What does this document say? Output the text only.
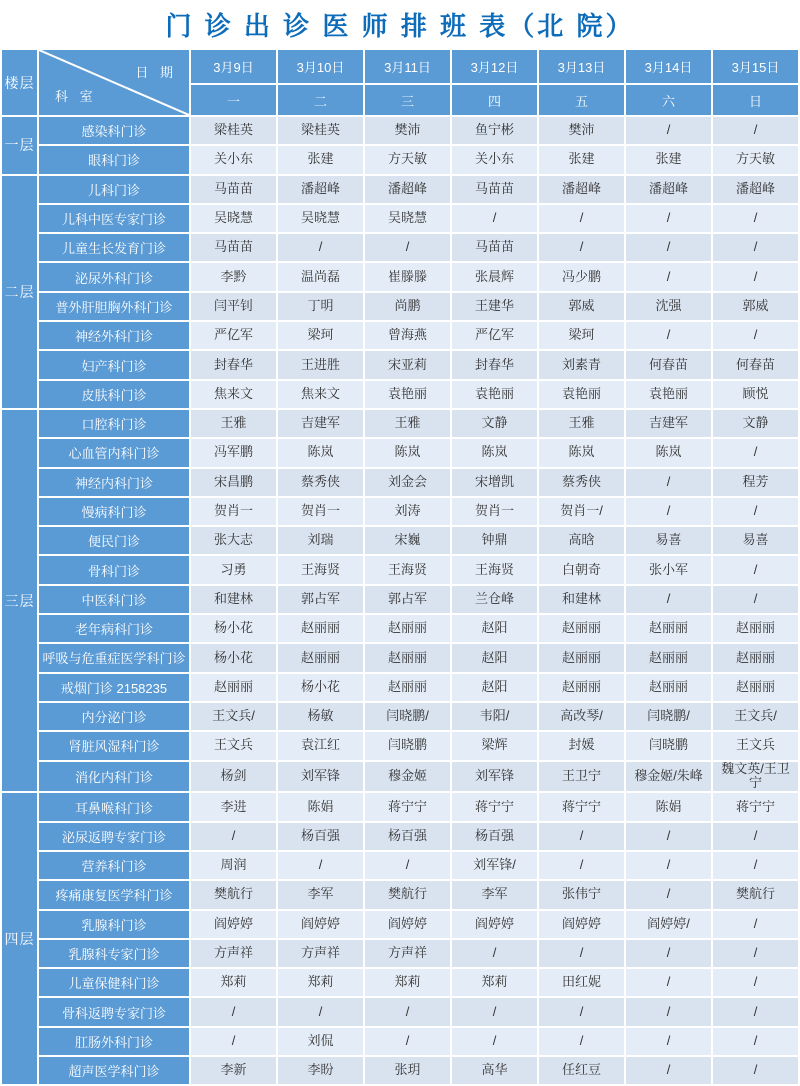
门 诊 出 诊 医 师 排 班 表（北 院）
楼层	科 室
日 期	3月9日	3月10日	3月11日	3月12日	3月13日	3月14日	3月15日
		一	二	三	四	五	六	日
一层	感染科门诊	梁桂英	梁桂英	樊沛	鱼宁彬	樊沛	/	/
	眼科门诊	关小东	张建	方天敏	关小东	张建	张建	方天敏
二层	儿科门诊	马苗苗	潘超峰	潘超峰	马苗苗	潘超峰	潘超峰	潘超峰
	儿科中医专家门诊	吴晓慧	吴晓慧	吴晓慧	/	/	/	/
	儿童生长发育门诊	马苗苗	/	/	马苗苗	/	/	/
	泌尿外科门诊	李黔	温尚磊	崔滕滕	张晨辉	冯少鹏	/	/
	普外肝胆胸外科门诊	闫平钊	丁明	尚鹏	王建华	郭威	沈强	郭威
	神经外科门诊	严亿军	梁珂	曾海燕	严亿军	梁珂	/	/
	妇产科门诊	封春华	王进胜	宋亚莉	封春华	刘素青	何春苗	何春苗
	皮肤科门诊	焦来文	焦来文	袁艳丽	袁艳丽	袁艳丽	袁艳丽	顾悦
三层	口腔科门诊	王雅	吉建军	王雅	文静	王雅	吉建军	文静
	心血管内科门诊	冯军鹏	陈岚	陈岚	陈岚	陈岚	陈岚	/
	神经内科门诊	宋昌鹏	蔡秀侠	刘金会	宋增凯	蔡秀侠	/	程芳
	慢病科门诊	贺肖一	贺肖一	刘涛	贺肖一	贺肖一/	/	/
	便民门诊	张大志	刘瑞	宋巍	钟鼎	高晗	易喜	易喜
	骨科门诊	习勇	王海贤	王海贤	王海贤	白朝奇	张小军	/
	中医科门诊	和建林	郭占军	郭占军	兰仓峰	和建林	/	/
	老年病科门诊	杨小花	赵丽丽	赵丽丽	赵阳	赵丽丽	赵丽丽	赵丽丽
	呼吸与危重症医学科门诊	杨小花	赵丽丽	赵丽丽	赵阳	赵丽丽	赵丽丽	赵丽丽
	戒烟门诊 2158235	赵丽丽	杨小花	赵丽丽	赵阳	赵丽丽	赵丽丽	赵丽丽
	内分泌门诊	王文兵/	杨敏	闫晓鹏/	韦阳/	高改琴/	闫晓鹏/	王文兵/
	肾脏风湿科门诊	王文兵	袁江红	闫晓鹏	梁辉	封媛	闫晓鹏	王文兵
	消化内科门诊	杨剑	刘军锋	穆金姬	刘军锋	王卫宁	穆金姬/朱峰	魏文英/王卫宁
四层	耳鼻喉科门诊	李进	陈娟	蒋宁宁	蒋宁宁	蒋宁宁	陈娟	蒋宁宁
	泌尿返聘专家门诊	/	杨百强	杨百强	杨百强	/	/	/
	营养科门诊	周润	/	/	刘军锋/	/	/	/
	疼痛康复医学科门诊	樊航行	李军	樊航行	李军	张伟宁	/	樊航行
	乳腺科门诊	阎婷婷	阎婷婷	阎婷婷	阎婷婷	阎婷婷	阎婷婷/	/
	乳腺科专家门诊	方声祥	方声祥	方声祥	/	/	/	/
	儿童保健科门诊	郑莉	郑莉	郑莉	郑莉	田红妮	/	/
	骨科返聘专家门诊	/	/	/	/	/	/	/
	肛肠外科门诊	/	刘侃	/	/	/	/	/
	超声医学科门诊	李新	李盼	张玥	高华	任红豆	/	/
